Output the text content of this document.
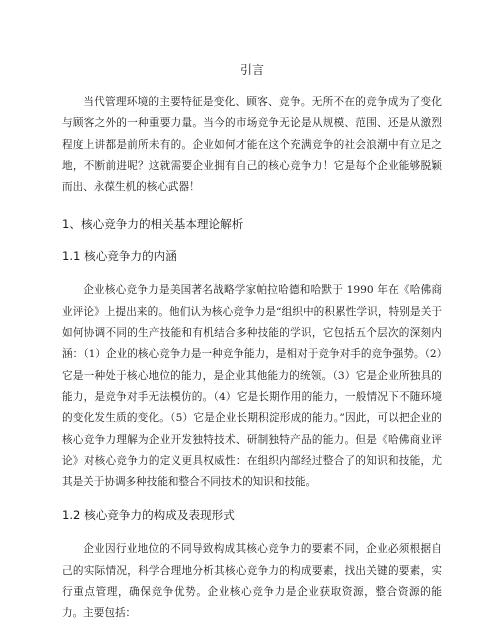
引言

当代管理环境的主要特征是变化、顾客、竞争。无所不在的竞争成为了变化与顾客之外的一种重要力量。当今的市场竞争无论是从规模、范围、还是从激烈程度上讲都是前所未有的。企业如何才能在这个充满竞争的社会浪潮中有立足之地，不断前进呢？这就需要企业拥有自己的核心竞争力！它是每个企业能够脱颖而出、永葆生机的核心武器！

1、核心竞争力的相关基本理论解析
1.1 核心竞争力的内涵

企业核心竞争力是美国著名战略学家帕拉哈德和哈默于 1990 年在《哈佛商业评论》上提出来的。他们认为核心竞争力是“组织中的积累性学识，特别是关于如何协调不同的生产技能和有机结合多种技能的学识，它包括五个层次的深刻内涵：（1）企业的核心竞争力是一种竞争能力，是相对于竞争对手的竞争强势。（2）它是一种处于核心地位的能力，是企业其他能力的统领。（3）它是企业所独具的能力，是竞争对手无法模仿的。（4）它是长期作用的能力，一般情况下不随环境的变化发生质的变化。（5）它是企业长期积淀形成的能力。”因此，可以把企业的核心竞争力理解为企业开发独特技术、研制独特产品的能力。但是《哈佛商业评论》对核心竞争力的定义更具权威性：在组织内部经过整合了的知识和技能，尤其是关于协调多种技能和整合不同技术的知识和技能。

1.2 核心竞争力的构成及表现形式

企业因行业地位的不同导致构成其核心竞争力的要素不同，企业必须根据自己的实际情况，科学合理地分析其核心竞争力的构成要素，找出关键的要素，实行重点管理，确保竞争优势。企业核心竞争力是企业获取资源，整合资源的能力。主要包括：
